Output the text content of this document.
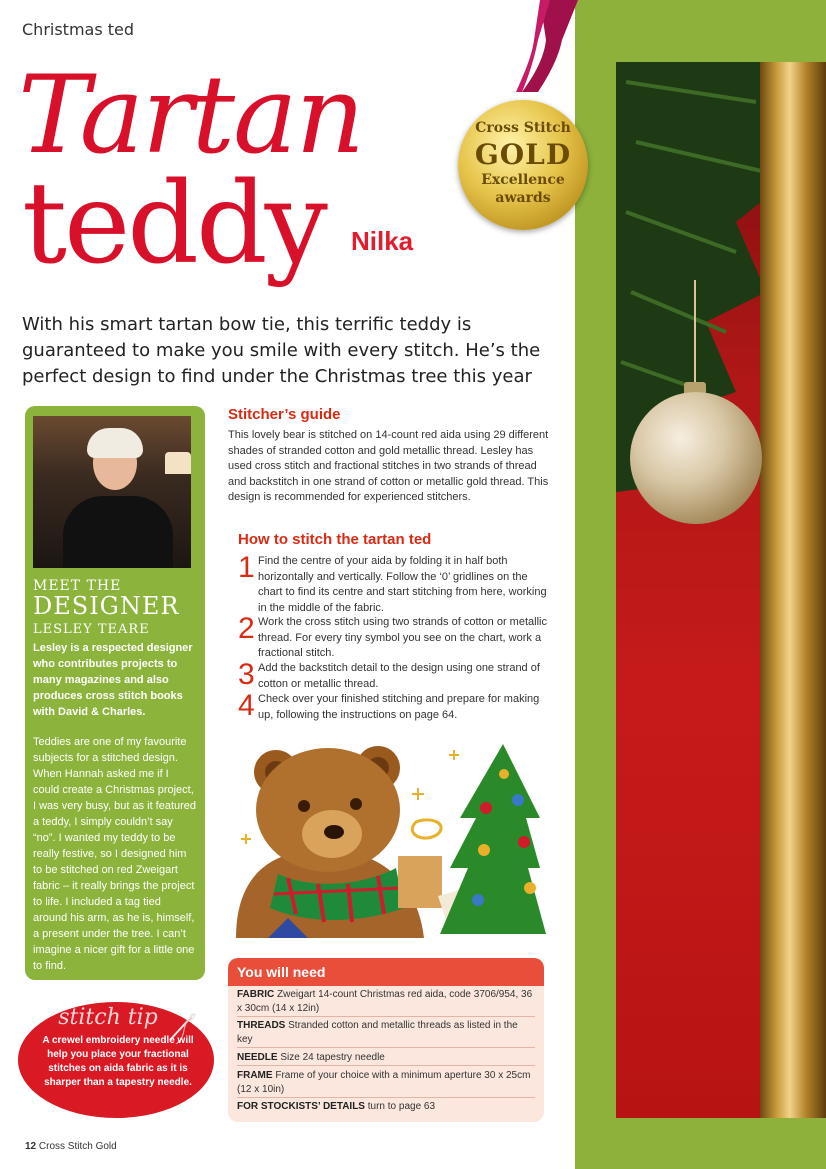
Christmas ted
Tartan
teddy Nilka
Cross Stitch
GOLD
Excellence
awards
With his smart tartan bow tie, this terrific teddy is guaranteed to make you smile with every stitch. He’s the perfect design to find under the Christmas tree this year
MEET THE
DESIGNER
LESLEY TEARE
Lesley is a respected designer who contributes projects to many magazines and also produces cross stitch books with David & Charles.
Teddies are one of my favourite subjects for a stitched design. When Hannah asked me if I could create a Christmas project, I was very busy, but as it featured a teddy, I simply couldn’t say “no”. I wanted my teddy to be really festive, so I designed him to be stitched on red Zweigart fabric – it really brings the project to life. I included a tag tied around his arm, as he is, himself, a present under the tree. I can’t imagine a nicer gift for a little one to find.
Stitcher’s guide
This lovely bear is stitched on 14-count red aida using 29 different shades of stranded cotton and gold metallic thread. Lesley has used cross stitch and fractional stitches in two strands of thread and backstitch in one strand of cotton or metallic gold thread. This design is recommended for experienced stitchers.
How to stitch the tartan ted
1 Find the centre of your aida by folding it in half both horizontally and vertically. Follow the ‘0’ gridlines on the chart to find its centre and start stitching from here, working in the middle of the fabric.
2 Work the cross stitch using two strands of cotton or metallic thread. For every tiny symbol you see on the chart, work a fractional stitch.
3 Add the backstitch detail to the design using one strand of cotton or metallic thread.
4 Check over your finished stitching and prepare for making up, following the instructions on page 64.
You will need
FABRIC Zweigart 14-count Christmas red aida, code 3706/954, 36 x 30cm (14 x 12in)
THREADS Stranded cotton and metallic threads as listed in the key
NEEDLE Size 24 tapestry needle
FRAME Frame of your choice with a minimum aperture 30 x 25cm (12 x 10in)
FOR STOCKISTS’ DETAILS turn to page 63
stitch tip
A crewel embroidery needle will help you place your fractional stitches on aida fabric as it is sharper than a tapestry needle.
12 Cross Stitch Gold
